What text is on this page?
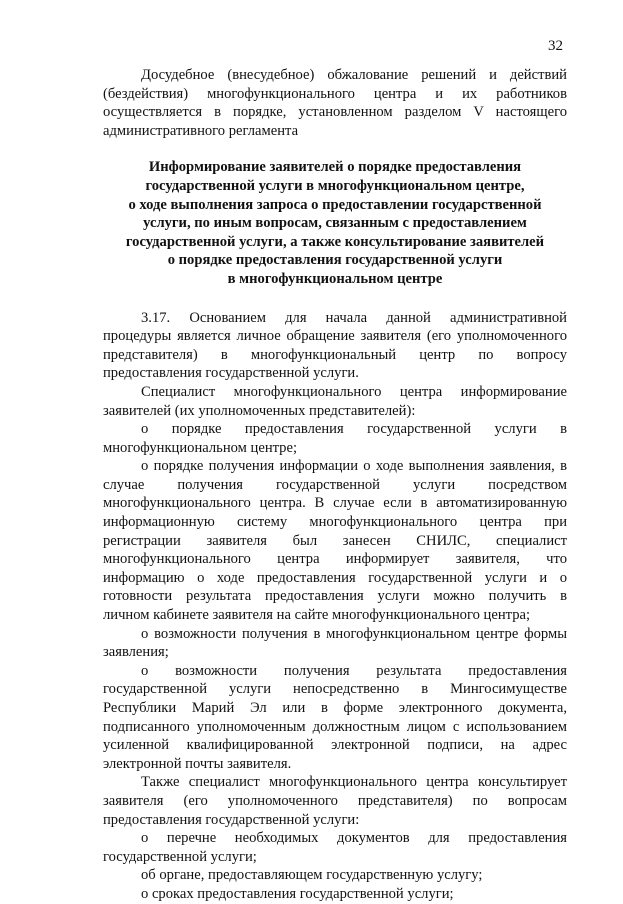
32
Досудебное (внесудебное) обжалование решений и действий
(бездействия) многофункционального центра и их работников
осуществляется в порядке, установленном разделом V настоящего
административного регламента
Информирование заявителей о порядке предоставления
государственной услуги в многофункциональном центре,
о ходе выполнения запроса о предоставлении государственной
услуги, по иным вопросам, связанным с предоставлением
государственной услуги, а также консультирование заявителей
о порядке предоставления государственной услуги
в многофункциональном центре
3.17. Основанием для начала данной административной
процедуры является личное обращение заявителя (его уполномоченного
представителя) в многофункциональный центр по вопросу
предоставления государственной услуги.
Специалист многофункционального центра информирование
заявителей (их уполномоченных представителей):
о порядке предоставления государственной услуги в
многофункциональном центре;
о порядке получения информации о ходе выполнения заявления, в
случае получения государственной услуги посредством
многофункционального центра. В случае если в автоматизированную
информационную систему многофункционального центра при
регистрации заявителя был занесен СНИЛС, специалист
многофункционального центра информирует заявителя, что
информацию о ходе предоставления государственной услуги и о
готовности результата предоставления услуги можно получить в
личном кабинете заявителя на сайте многофункционального центра;
о возможности получения в многофункциональном центре формы
заявления;
о возможности получения результата предоставления
государственной услуги непосредственно в Мингосимуществе
Республики Марий Эл или в форме электронного документа,
подписанного уполномоченным должностным лицом с использованием
усиленной квалифицированной электронной подписи, на адрес
электронной почты заявителя.
Также специалист многофункционального центра консультирует
заявителя (его уполномоченного представителя) по вопросам
предоставления государственной услуги:
о перечне необходимых документов для предоставления
государственной услуги;
об органе, предоставляющем государственную услугу;
о сроках предоставления государственной услуги;
